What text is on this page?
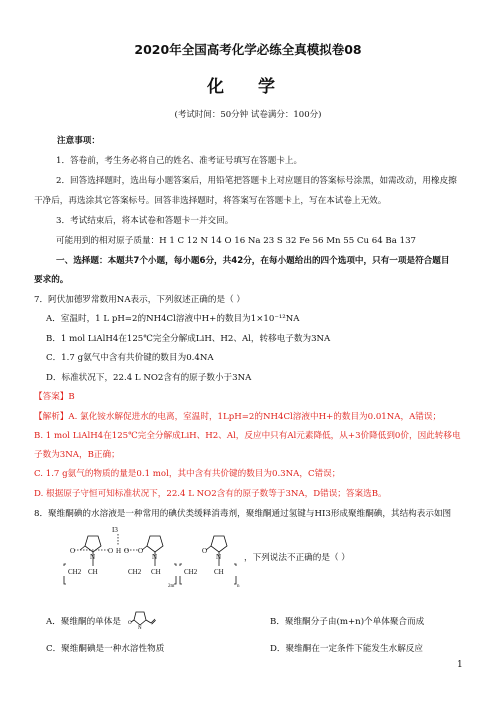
2020年全国高考化学必练全真模拟卷08
化 学
(考试时间：50分钟 试卷满分：100分)
注意事项：
1．答卷前，考生务必将自己的姓名、准考证号填写在答题卡上。
2．回答选择题时，选出每小题答案后，用铅笔把答题卡上对应题目的答案标号涂黑，如需改动，用橡皮擦
干净后，再选涂其它答案标号。回答非选择题时，将答案写在答题卡上，写在本试卷上无效。
3．考试结束后，将本试卷和答题卡一并交回。
可能用到的相对原子质量：H 1 C 12 N 14 O 16 Na 23 S 32 Fe 56 Mn 55 Cu 64 Ba 137
一、选择题：本题共7个小题，每小题6分，共42分，在每小题给出的四个选项中，只有一项是符合题目
要求的。
7．阿伏加德罗常数用NA表示，下列叙述正确的是（ ）
A．室温时，1 L pH=2的NH4Cl溶液中H+的数目为1×10⁻¹²NA
B．1 mol LiAlH4在125℃完全分解成LiH、H2、Al，转移电子数为3NA
C．1.7 g氨气中含有共价键的数目为0.4NA
D．标准状况下，22.4 L NO2含有的原子数小于3NA
【答案】B
【解析】A. 氯化铵水解促进水的电离，室温时，1LpH=2的NH4Cl溶液中H+的数目为0.01NA，A错误；
B. 1 mol LiAlH4在125℃完全分解成LiH、H2、Al，反应中只有Al元素降低，从+3价降低到0价，因此转移电
子数为3NA，B正确；
C. 1.7 g氨气的物质的量是0.1 mol，其中含有共价键的数目为0.3NA，C错误；
D. 根据原子守恒可知标准状况下，22.4 L NO2含有的原子数等于3NA，D错误；答案选B。
8．聚维酮碘的水溶液是一种常用的碘伏类缓释消毒剂，聚维酮通过氢键与HI3形成聚维酮碘，其结构表示如图
I3
O	O H O O	O
N	N	N
CH2 CH	CH2 CH	CH2 CH
2m	n
，下列说法不正确的是（ ）
A．聚维酮的单体是 O
N
B．聚维酮分子由(m+n)个单体聚合而成
C．聚维酮碘是一种水溶性物质	D．聚维酮在一定条件下能发生水解反应
1
